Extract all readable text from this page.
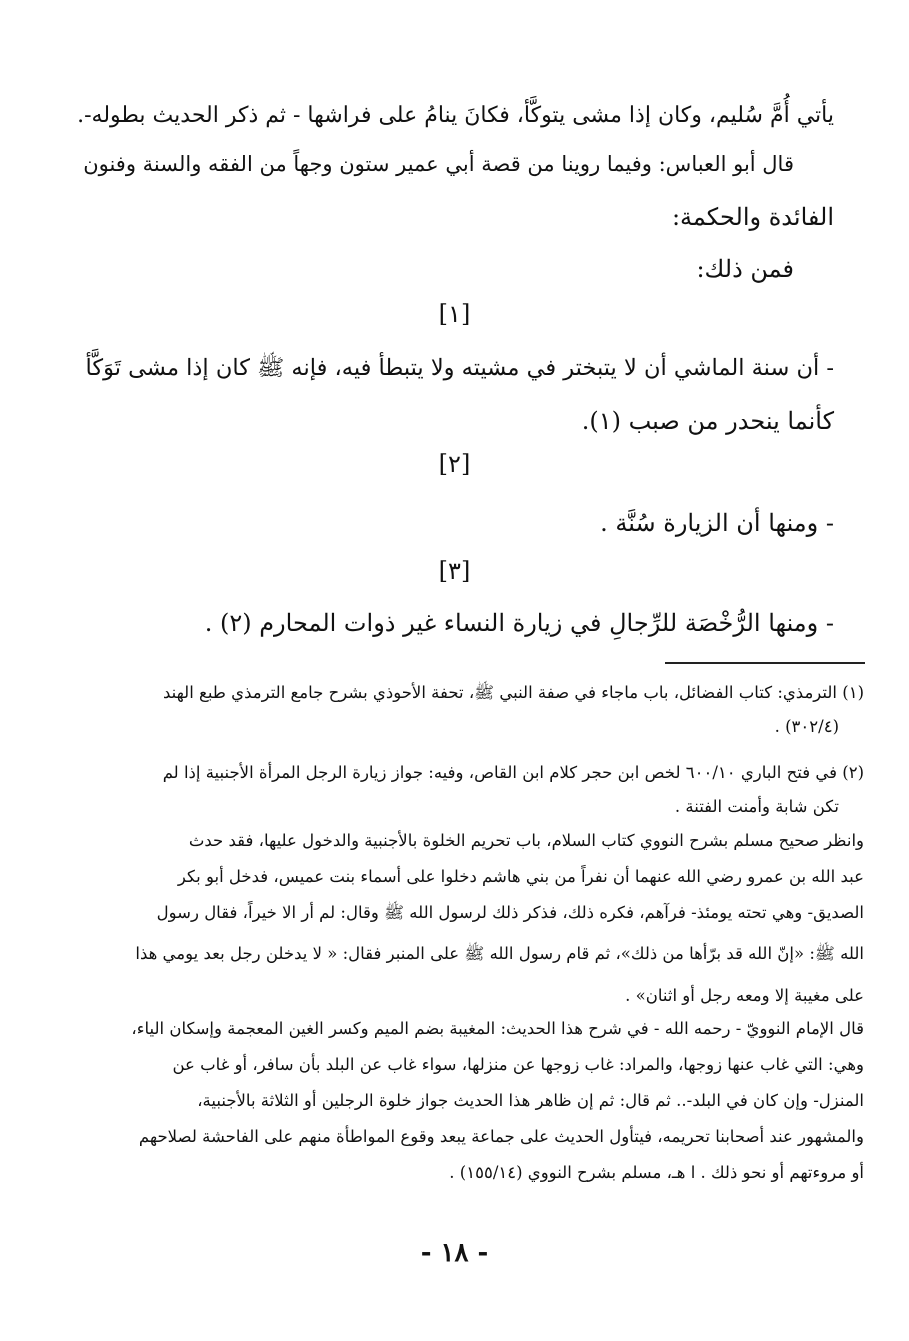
يأتي أُمَّ سُليم، وكان إذا مشى يتوكَّأ، فكانَ ينامُ على فراشها - ثم ذكر الحديث بطوله-.
قال أبو العباس: وفيما روينا من قصة أبي عمير ستون وجهاً من الفقه والسنة وفنون
الفائدة والحكمة:
فمن ذلك:
[١]
- أن سنة الماشي أن لا يتبختر في مشيته ولا يتبطأ فيه، فإنه ﷺ كان إذا مشى تَوَكَّأ
كأنما ينحدر من صبب (١).
[٢]
- ومنها أن الزيارة سُنَّة .
[٣]
- ومنها الرُّخْصَة للرِّجالِ في زيارة النساء غير ذوات المحارم (٢) .
(١) الترمذي: كتاب الفضائل، باب ماجاء في صفة النبي ﷺ، تحفة الأحوذي بشرح جامع الترمذي طبع الهند
(٣٠٢/٤) .
(٢) في فتح الباري ٦٠٠/١٠ لخص ابن حجر كلام ابن القاص، وفيه: جواز زيارة الرجل المرأة الأجنبية إذا لم
تكن شابة وأمنت الفتنة .
وانظر صحيح مسلم بشرح النووي كتاب السلام، باب تحريم الخلوة بالأجنبية والدخول عليها، فقد حدث
عبد الله بن عمرو رضي الله عنهما أن نفراً من بني هاشم دخلوا على أسماء بنت عميس، فدخل أبو بكر
الصديق- وهي تحته يومئذ- فرآهم، فكره ذلك، فذكر ذلك لرسول الله ﷺ وقال: لم أر الا خيراً، فقال رسول
الله ﷺ: «إنّ الله قد برّأها من ذلك»، ثم قام رسول الله ﷺ على المنبر فقال: « لا يدخلن رجل بعد يومي هذا
على مغيبة إلا ومعه رجل أو اثنان» .
قال الإمام النوويّ - رحمه الله - في شرح هذا الحديث: المغيبة بضم الميم وكسر الغين المعجمة وإسكان الياء،
وهي: التي غاب عنها زوجها، والمراد: غاب زوجها عن منزلها، سواء غاب عن البلد بأن سافر، أو غاب عن
المنزل- وإن كان في البلد-.. ثم قال: ثم إن ظاهر هذا الحديث جواز خلوة الرجلين أو الثلاثة بالأجنبية،
والمشهور عند أصحابنا تحريمه، فيتأول الحديث على جماعة يبعد وقوع المواطأة منهم على الفاحشة لصلاحهم
أو مروءتهم أو نحو ذلك . ا هـ، مسلم بشرح النووي (١٥٥/١٤) .
- ١٨ -
